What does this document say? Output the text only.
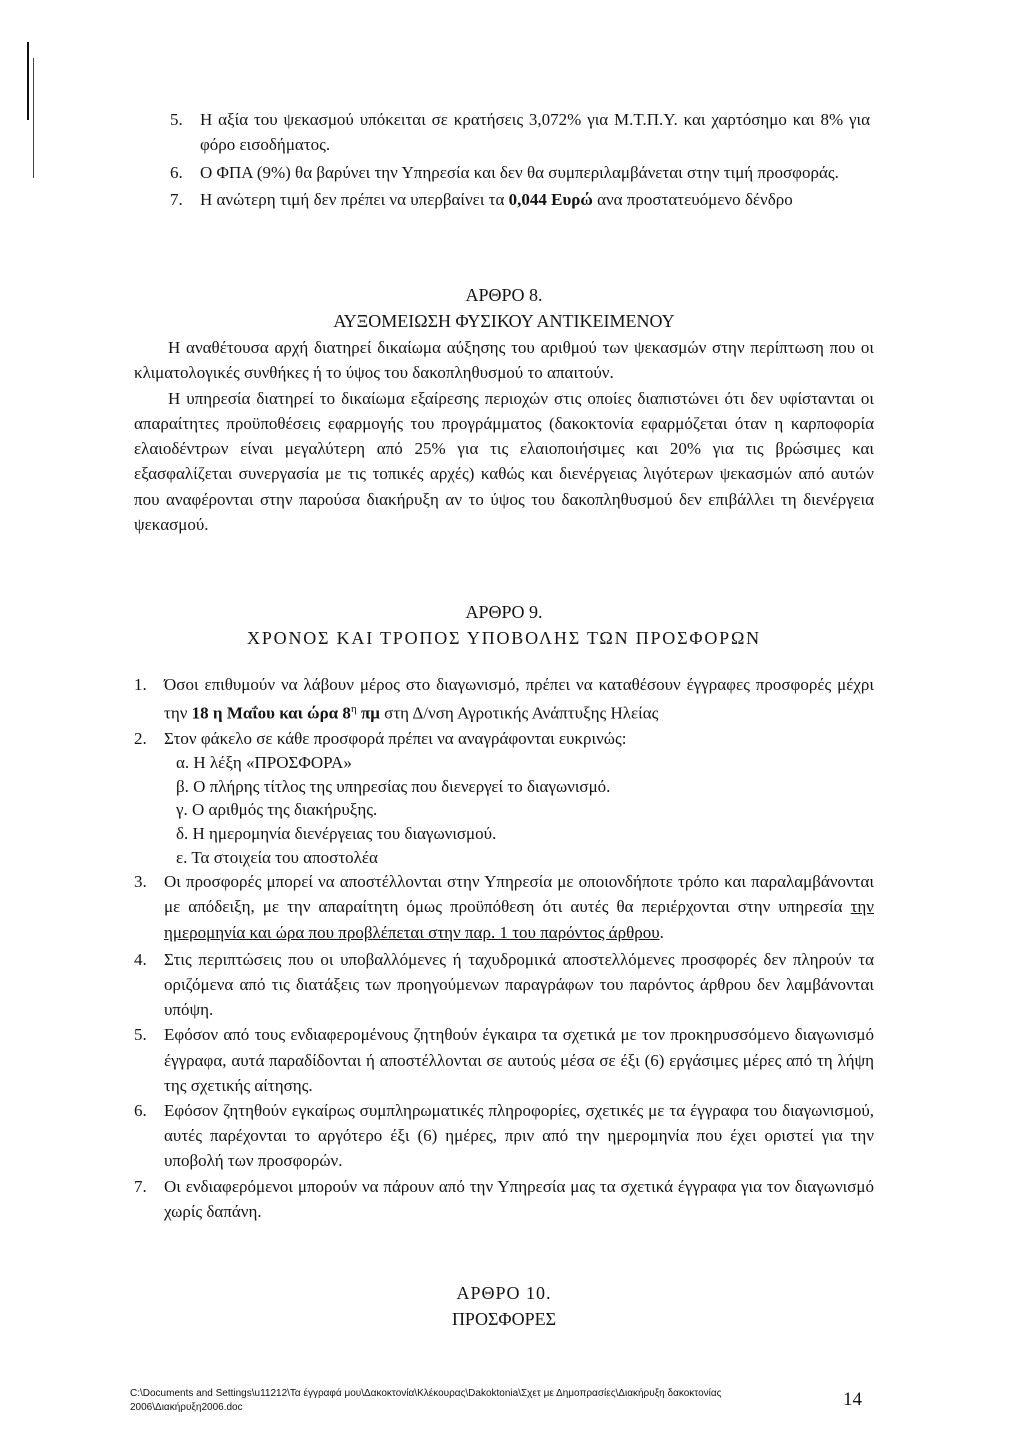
5. Η αξία του ψεκασμού υπόκειται σε κρατήσεις 3,072% για Μ.Τ.Π.Υ. και χαρτόσημο και 8% για φόρο εισοδήματος.
6. Ο ΦΠΑ (9%) θα βαρύνει την Υπηρεσία και δεν θα συμπεριλαμβάνεται στην τιμή προσφοράς.
7. Η ανώτερη τιμή δεν πρέπει να υπερβαίνει τα 0,044 Ευρώ ανα προστατευόμενο δένδρο

ΑΡΘΡΟ 8.

ΑΥΞΟΜΕΙΩΣΗ ΦΥΣΙΚΟΥ ΑΝΤΙΚΕΙΜΕΝΟΥ

Η αναθέτουσα αρχή διατηρεί δικαίωμα αύξησης του αριθμού των ψεκασμών στην περίπτωση που οι κλιματολογικές συνθήκες ή το ύψος του δακοπληθυσμού το απαιτούν.

Η υπηρεσία διατηρεί το δικαίωμα εξαίρεσης περιοχών στις οποίες διαπιστώνει ότι δεν υφίστανται οι απαραίτητες προϋποθέσεις εφαρμογής του προγράμματος (δακοκτονία εφαρμόζεται όταν η καρποφορία ελαιοδέντρων είναι μεγαλύτερη από 25% για τις ελαιοποιήσιμες και 20% για τις βρώσιμες και εξασφαλίζεται συνεργασία με τις τοπικές αρχές) καθώς και διενέργειας λιγότερων ψεκασμών από αυτών που αναφέρονται στην παρούσα διακήρυξη αν το ύψος του δακοπληθυσμού δεν επιβάλλει τη διενέργεια ψεκασμού.

ΑΡΘΡΟ 9.

ΧΡΟΝΟΣ ΚΑΙ ΤΡΟΠΟΣ ΥΠΟΒΟΛΗΣ ΤΩΝ ΠΡΟΣΦΟΡΩΝ

1. Όσοι επιθυμούν να λάβουν μέρος στο διαγωνισμό, πρέπει να καταθέσουν έγγραφες προσφορές μέχρι την 18 η Μαΐου και ώρα $8^\eta$ πμ στη Δ/νση Αγροτικής Ανάπτυξης Ηλείας
2. Στον φάκελο σε κάθε προσφορά πρέπει να αναγράφονται ευκρινώς:
α. Η λέξη «ΠΡΟΣΦΟΡΑ»
β. Ο πλήρης τίτλος της υπηρεσίας που διενεργεί το διαγωνισμό.
γ. Ο αριθμός της διακήρυξης.
δ. Η ημερομηνία διενέργειας του διαγωνισμού.
ε. Τα στοιχεία του αποστολέα
3. Οι προσφορές μπορεί να αποστέλλονται στην Υπηρεσία με οποιονδήποτε τρόπο και παραλαμβάνονται με απόδειξη, με την απαραίτητη όμως προϋπόθεση ότι αυτές θα περιέρχονται στην υπηρεσία την ημερομηνία και ώρα που προβλέπεται στην παρ. 1 του παρόντος άρθρου.
4. Στις περιπτώσεις που οι υποβαλλόμενες ή ταχυδρομικά αποστελλόμενες προσφορές δεν πληρούν τα οριζόμενα από τις διατάξεις των προηγούμενων παραγράφων του παρόντος άρθρου δεν λαμβάνονται υπόψη.
5. Εφόσον από τους ενδιαφερομένους ζητηθούν έγκαιρα τα σχετικά με τον προκηρυσσόμενο διαγωνισμό έγγραφα, αυτά παραδίδονται ή αποστέλλονται σε αυτούς μέσα σε έξι (6) εργάσιμες μέρες από τη λήψη της σχετικής αίτησης.
6. Εφόσον ζητηθούν εγκαίρως συμπληρωματικές πληροφορίες, σχετικές με τα έγγραφα του διαγωνισμού, αυτές παρέχονται το αργότερο έξι (6) ημέρες, πριν από την ημερομηνία που έχει οριστεί για την υποβολή των προσφορών.
7. Οι ενδιαφερόμενοι μπορούν να πάρουν από την Υπηρεσία μας τα σχετικά έγγραφα για τον διαγωνισμό χωρίς δαπάνη.

ΑΡΘΡΟ 10.

ΠΡΟΣΦΟΡΕΣ

C:\Documents and Settings\u11212\Τα έγγραφά μου\Δακοκτονία\Κλέκουρας\Dakoktonia\Σχετ με Δημοπρασίες\Διακήρυξη δακοκτονίας
2006\Διακήρυξη2006.doc	14
